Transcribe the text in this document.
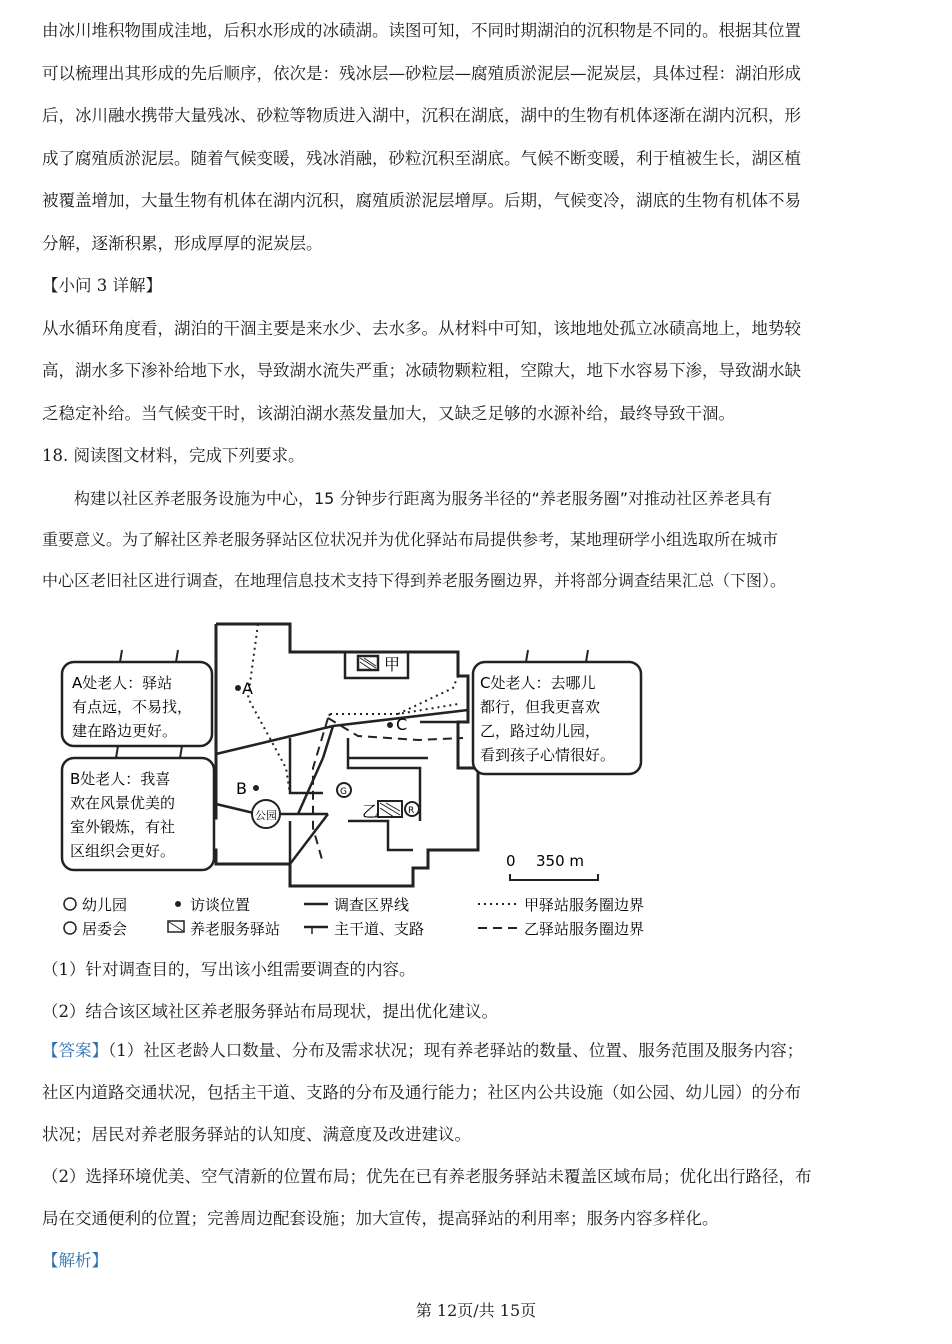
由冰川堆积物围成洼地，后积水形成的冰碛湖。读图可知，不同时期湖泊的沉积物是不同的。根据其位置

可以梳理出其形成的先后顺序，依次是：残冰层—砂粒层—腐殖质淤泥层—泥炭层，具体过程：湖泊形成

后，冰川融水携带大量残冰、砂粒等物质进入湖中，沉积在湖底，湖中的生物有机体逐渐在湖内沉积，形

成了腐殖质淤泥层。随着气候变暖，残冰消融，砂粒沉积至湖底。气候不断变暖，利于植被生长，湖区植

被覆盖增加，大量生物有机体在湖内沉积，腐殖质淤泥层增厚。后期，气候变冷，湖底的生物有机体不易

分解，逐渐积累，形成厚厚的泥炭层。

【小问 3 详解】

从水循环角度看，湖泊的干涸主要是来水少、去水多。从材料中可知，该地地处孤立冰碛高地上，地势较

高，湖水多下渗补给地下水，导致湖水流失严重；冰碛物颗粒粗，空隙大，地下水容易下渗，导致湖水缺

乏稳定补给。当气候变干时，该湖泊湖水蒸发量加大，又缺乏足够的水源补给，最终导致干涸。

18. 阅读图文材料，完成下列要求。

构建以社区养老服务设施为中心，15 分钟步行距离为服务半径的“养老服务圈”对推动社区养老具有

重要意义。为了解社区养老服务驿站区位状况并为优化驿站布局提供参考，某地理研学小组选取所在城市

中心区老旧社区进行调查，在地理信息技术支持下得到养老服务圈边界，并将部分调查结果汇总（下图）。

甲
公园
G
乙	R
A
B
C
A处老人：驿站
有点远，不易找，
建在路边更好。
B处老人：我喜
欢在风景优美的
室外锻炼，有社
区组织会更好。
C处老人：去哪儿
都行，但我更喜欢
乙，路过幼儿园，
看到孩子心情很好。
0 350 m
幼儿园
居委会
访谈位置
养老服务驿站
调查区界线
主干道、支路
甲驿站服务圈边界
乙驿站服务圈边界
（1）针对调查目的，写出该小组需要调查的内容。
（2）结合该区域社区养老服务驿站布局现状，提出优化建议。

【答案】（1）社区老龄人口数量、分布及需求状况；现有养老驿站的数量、位置、服务范围及服务内容；

社区内道路交通状况，包括主干道、支路的分布及通行能力；社区内公共设施（如公园、幼儿园）的分布

状况；居民对养老服务驿站的认知度、满意度及改进建议。

（2）选择环境优美、空气清新的位置布局；优先在已有养老服务驿站未覆盖区域布局；优化出行路径，布

局在交通便利的位置；完善周边配套设施；加大宣传，提高驿站的利用率；服务内容多样化。

【解析】

第 12页/共 15页
